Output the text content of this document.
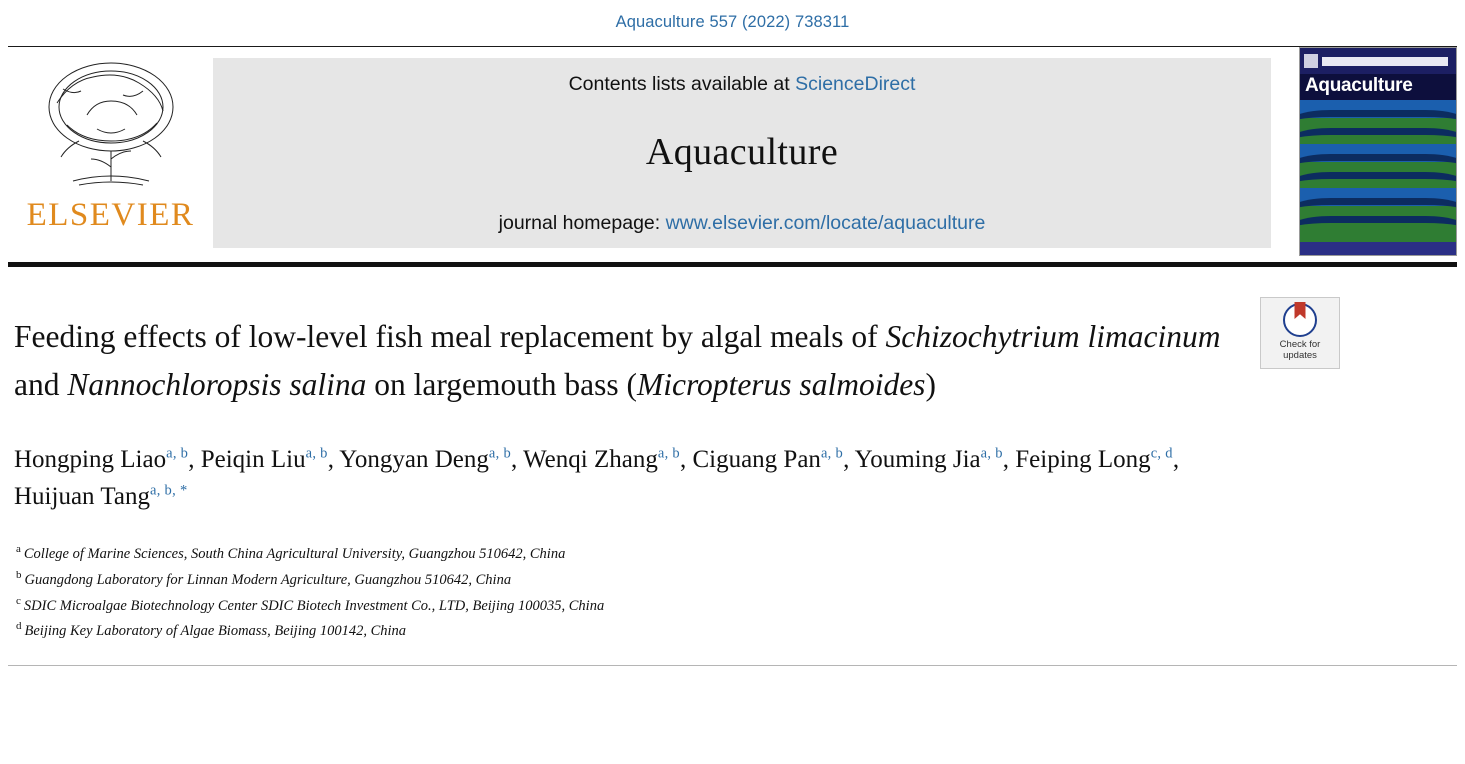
Aquaculture 557 (2022) 738311
ELSEVIER
Contents lists available at ScienceDirect
Aquaculture
journal homepage: www.elsevier.com/locate/aquaculture
Aquaculture
Check for
updates
Feeding effects of low-level fish meal replacement by algal meals of Schizochytrium limacinum and Nannochloropsis salina on largemouth bass (Micropterus salmoides)
Hongping Liao$^{a, b}$, Peiqin Liu$^{a, b}$, Yongyan Deng$^{a, b}$, Wenqi Zhang$^{a, b}$, Ciguang Pan$^{a, b}$, Youming Jia$^{a, b}$, Feiping Long$^{c, d}$, Huijuan Tang$^{a, b, *}$
$^a$ College of Marine Sciences, South China Agricultural University, Guangzhou 510642, China
$^b$ Guangdong Laboratory for Linnan Modern Agriculture, Guangzhou 510642, China
$^c$ SDIC Microalgae Biotechnology Center SDIC Biotech Investment Co., LTD, Beijing 100035, China
$^d$ Beijing Key Laboratory of Algae Biomass, Beijing 100142, China
